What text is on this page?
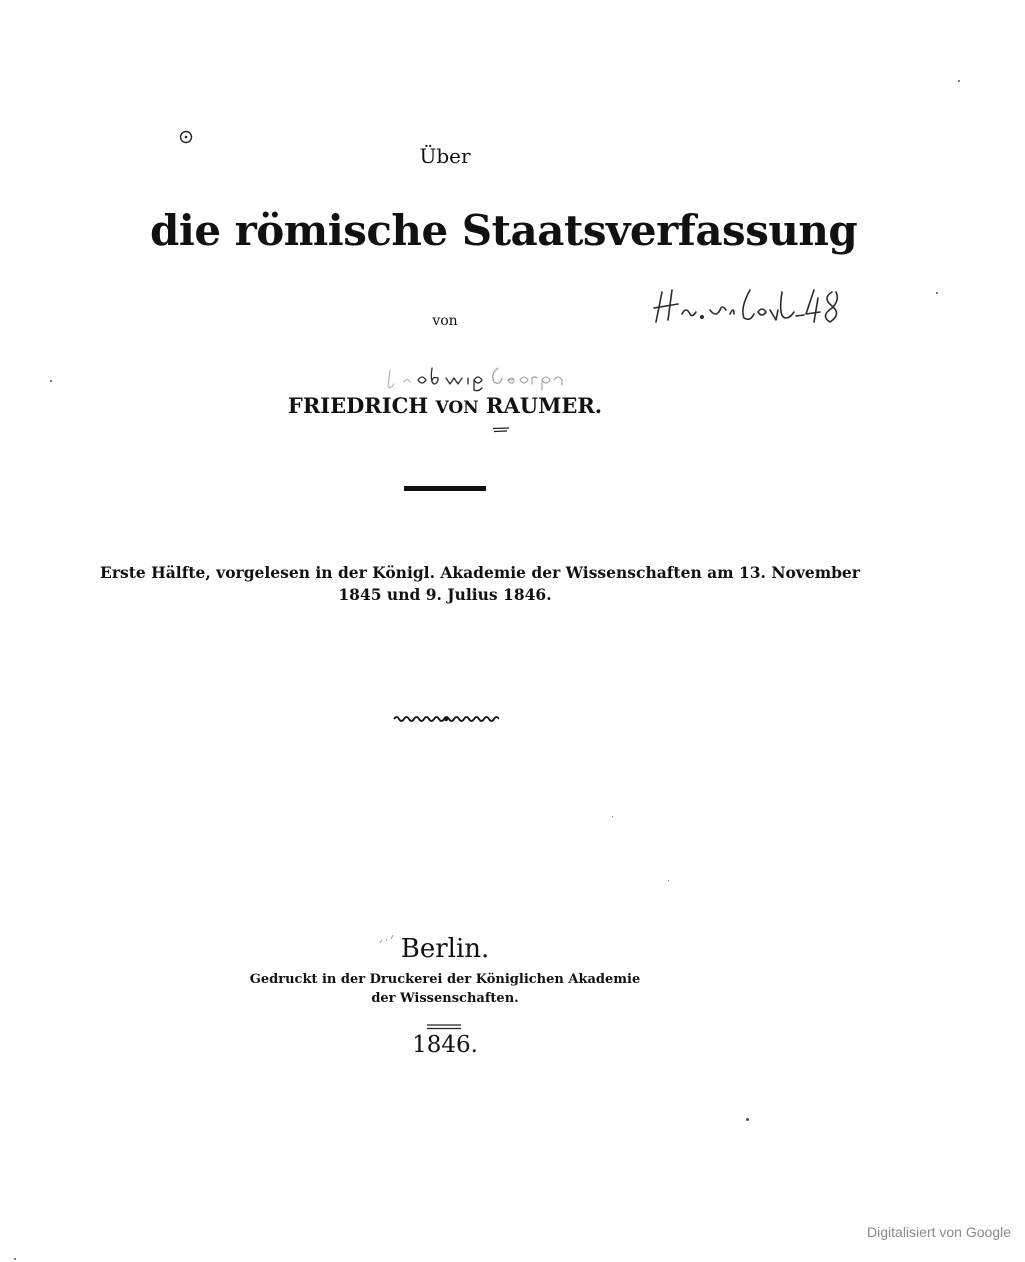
Über
die römische Staatsverfassung
von
FRIEDRICH VON RAUMER.
Erste Hälfte, vorgelesen in der Königl. Akademie der Wissenschaften am 13. November
1845 und 9. Julius 1846.
Berlin.
Gedruckt in der Druckerei der Königlichen Akademie
der Wissenschaften.
1846.
Digitalisiert von Google
